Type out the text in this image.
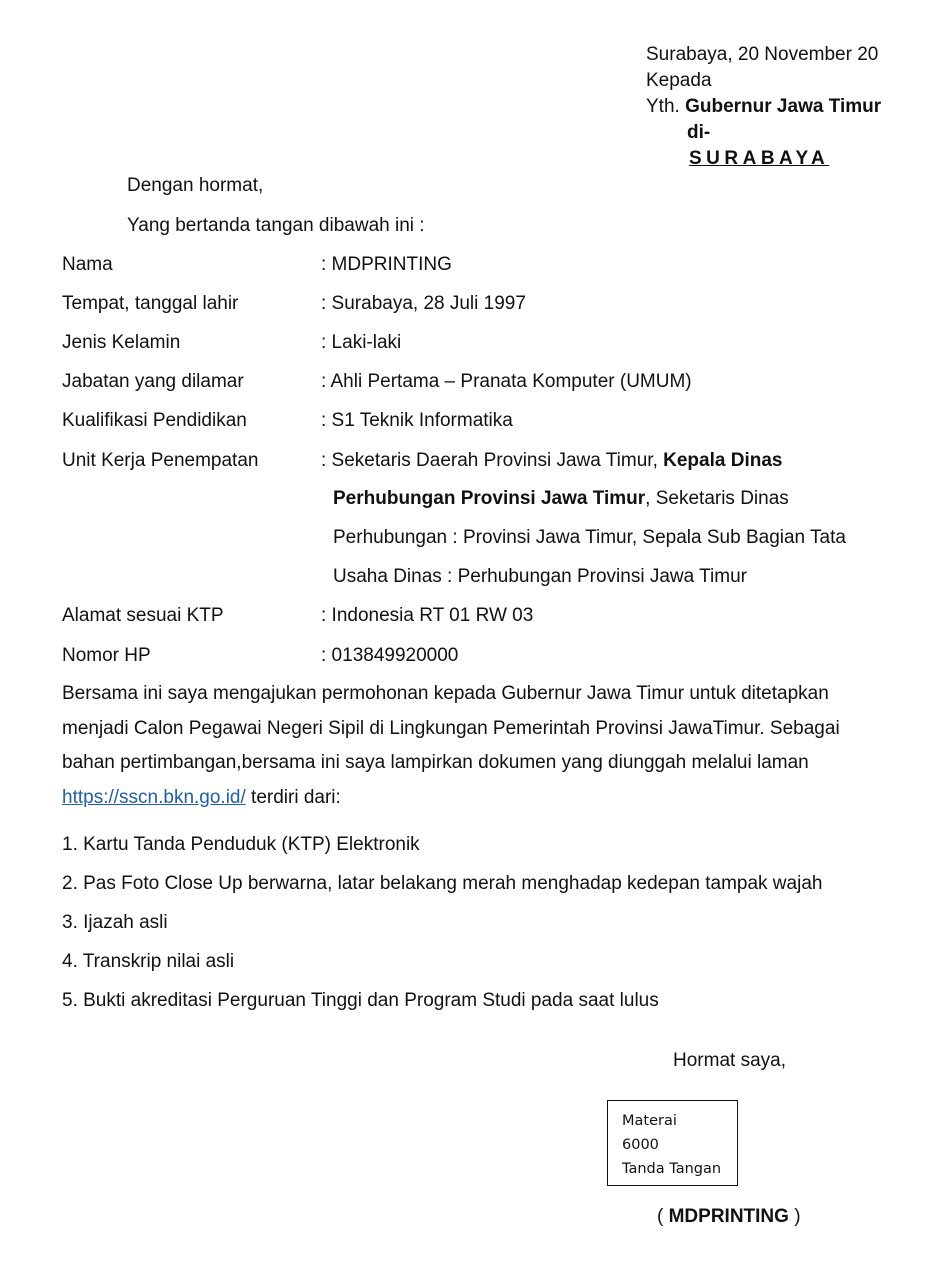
Surabaya, 20 November 20
Kepada
Yth. Gubernur Jawa Timur
di-
SURABAYA
Dengan hormat,
Yang bertanda tangan dibawah ini :
Nama	: MDPRINTING
Tempat, tanggal lahir	: Surabaya, 28 Juli 1997
Jenis Kelamin	: Laki-laki
Jabatan yang dilamar	: Ahli Pertama – Pranata Komputer (UMUM)
Kualifikasi Pendidikan	: S1 Teknik Informatika
Unit Kerja Penempatan	: Seketaris Daerah Provinsi Jawa Timur, Kepala Dinas
Perhubungan Provinsi Jawa Timur, Seketaris Dinas
Perhubungan : Provinsi Jawa Timur, Sepala Sub Bagian Tata
Usaha Dinas : Perhubungan Provinsi Jawa Timur
Alamat sesuai KTP	: Indonesia RT 01 RW 03
Nomor HP	: 013849920000
Bersama ini saya mengajukan permohonan kepada Gubernur Jawa Timur untuk ditetapkan menjadi Calon Pegawai Negeri Sipil di Lingkungan Pemerintah Provinsi JawaTimur. Sebagai bahan pertimbangan,bersama ini saya lampirkan dokumen yang diunggah melalui laman
https://sscn.bkn.go.id/ terdiri dari:
1. Kartu Tanda Penduduk (KTP) Elektronik
2. Pas Foto Close Up berwarna, latar belakang merah menghadap kedepan tampak wajah
3. Ijazah asli
4. Transkrip nilai asli
5. Bukti akreditasi Perguruan Tinggi dan Program Studi pada saat lulus
Hormat saya,
Materai
6000
Tanda Tangan
( MDPRINTING )
